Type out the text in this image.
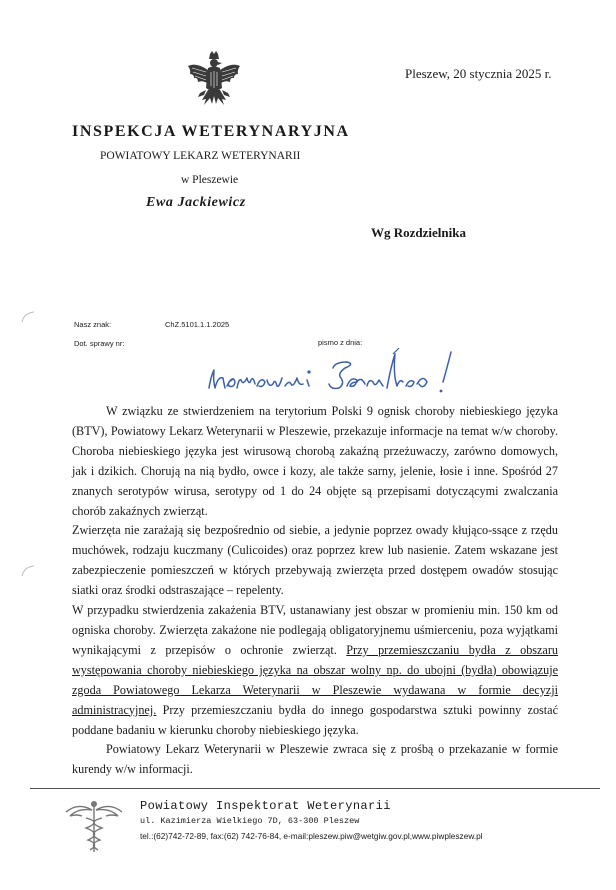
Pleszew, 20 stycznia 2025 r.
INSPEKCJA WETERYNARYJNA
POWIATOWY LEKARZ WETERYNARII
w Pleszewie
Ewa Jackiewicz
Wg Rozdzielnika
Nasz znak:	ChZ.5101.1.1.2025
Dot. sprawy nr:	pismo z dnia:

W związku ze stwierdzeniem na terytorium Polski 9 ognisk choroby niebieskiego języka (BTV), Powiatowy Lekarz Weterynarii w Pleszewie, przekazuje informacje na temat w/w choroby. Choroba niebieskiego języka jest wirusową chorobą zakaźną przeżuwaczy, zarówno domowych, jak i dzikich. Chorują na nią bydło, owce i kozy, ale także sarny, jelenie, łosie i inne. Spośród 27 znanych serotypów wirusa, serotypy od 1 do 24 objęte są przepisami dotyczącymi zwalczania chorób zakaźnych zwierząt.

Zwierzęta nie zarażają się bezpośrednio od siebie, a jedynie poprzez owady kłująco-ssące z rzędu muchówek, rodzaju kuczmany (Culicoides) oraz poprzez krew lub nasienie. Zatem wskazane jest zabezpieczenie pomieszczeń w których przebywają zwierzęta przed dostępem owadów stosując siatki oraz środki odstraszające – repelenty.

W przypadku stwierdzenia zakażenia BTV, ustanawiany jest obszar w promieniu min. 150 km od ogniska choroby. Zwierzęta zakażone nie podlegają obligatoryjnemu uśmierceniu, poza wyjątkami wynikającymi z przepisów o ochronie zwierząt. Przy przemieszczaniu bydła z obszaru występowania choroby niebieskiego języka na obszar wolny np. do ubojni (bydła) obowiązuje zgoda Powiatowego Lekarza Weterynarii w Pleszewie wydawana w formie decyzji administracyjnej. Przy przemieszczaniu bydła do innego gospodarstwa sztuki powinny zostać poddane badaniu w kierunku choroby niebieskiego języka.

Powiatowy Lekarz Weterynarii w Pleszewie zwraca się z prośbą o przekazanie w formie kurendy w/w informacji.

Powiatowy Inspektorat Weterynarii
ul. Kazimierza Wielkiego 7D, 63-300 Pleszew
tel.:(62)742-72-89, fax:(62) 742-76-84, e-mail:pleszew.piw@wetgiw.gov.pl,www.piwpleszew.pl
